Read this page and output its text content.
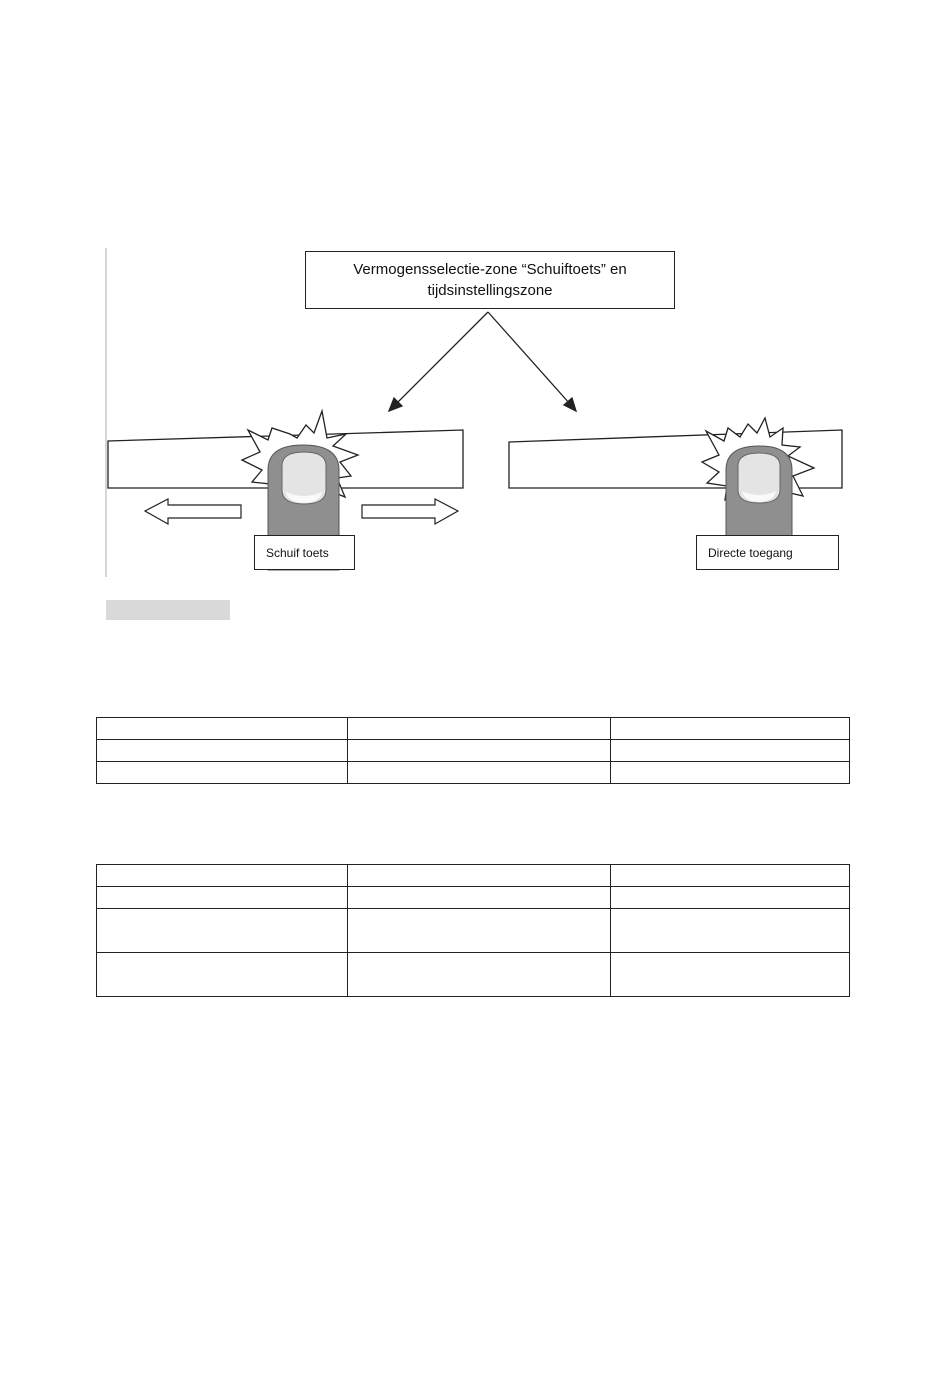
Vermogensselectie-zone “Schuiftoets” en tijdsinstellingszone
Schuif toets	Directe toegang
